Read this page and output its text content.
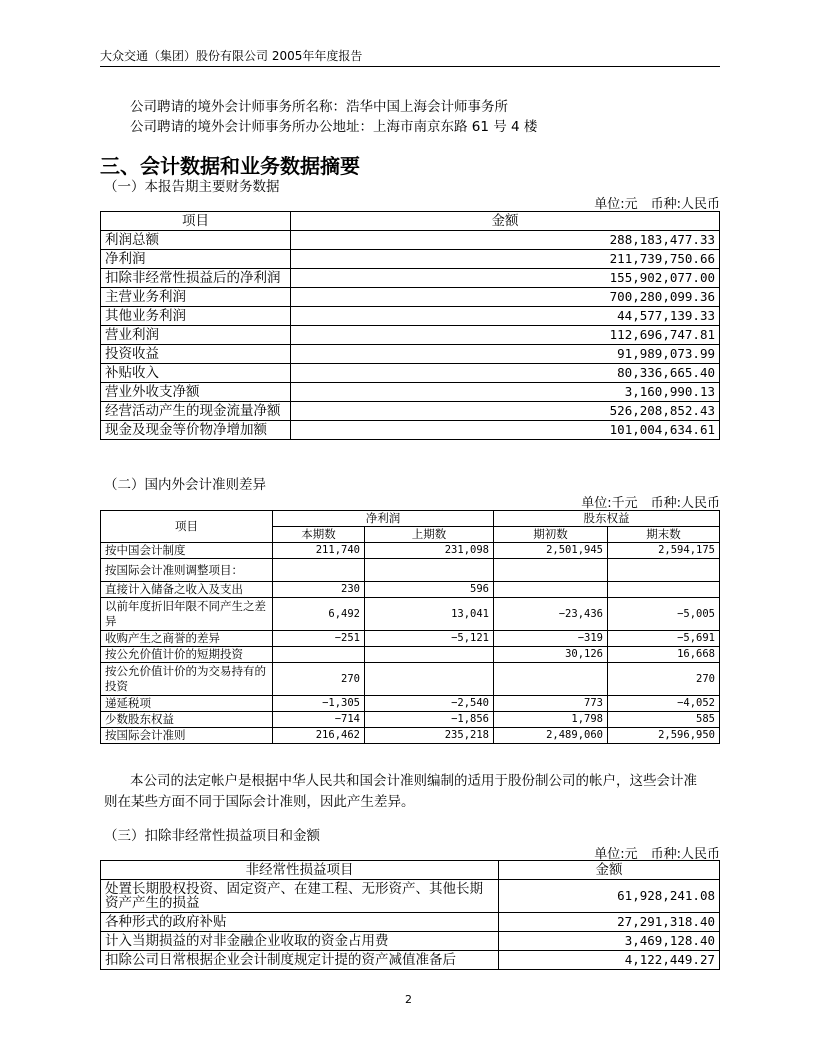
大众交通（集团）股份有限公司 2005年年度报告
公司聘请的境外会计师事务所名称：浩华中国上海会计师事务所
公司聘请的境外会计师事务所办公地址：上海市南京东路 61 号 4 楼
三、会计数据和业务数据摘要
（一）本报告期主要财务数据
单位:元　币种:人民币
项目	金额
利润总额	288,183,477.33
净利润	211,739,750.66
扣除非经常性损益后的净利润	155,902,077.00
主营业务利润	700,280,099.36
其他业务利润	44,577,139.33
营业利润	112,696,747.81
投资收益	91,989,073.99
补贴收入	80,336,665.40
营业外收支净额	3,160,990.13
经营活动产生的现金流量净额	526,208,852.43
现金及现金等价物净增加额	101,004,634.61
（二）国内外会计准则差异
单位:千元　币种:人民币
项目	净利润		股东权益	
	本期数	上期数	期初数	期末数
按中国会计制度	211,740	231,098	2,501,945	2,594,175
按国际会计准则调整项目：				
直接计入储备之收入及支出	230	596		
以前年度折旧年限不同产生之差异	6,492	13,041	−23,436	−5,005
收购产生之商誉的差异	−251	−5,121	−319	−5,691
按公允价值计价的短期投资			30,126	16,668
按公允价值计价的为交易持有的投资	270			270
递延税项	−1,305	−2,540	773	−4,052
少数股东权益	−714	−1,856	1,798	585
按国际会计准则	216,462	235,218	2,489,060	2,596,950
本公司的法定帐户是根据中华人民共和国会计准则编制的适用于股份制公司的帐户，这些会计准
则在某些方面不同于国际会计准则，因此产生差异。
（三）扣除非经常性损益项目和金额
单位:元　币种:人民币
非经常性损益项目	金额
处置长期股权投资、固定资产、在建工程、无形资产、其他长期资产产生的损益	61,928,241.08
各种形式的政府补贴	27,291,318.40
计入当期损益的对非金融企业收取的资金占用费	3,469,128.40
扣除公司日常根据企业会计制度规定计提的资产减值准备后	4,122,449.27
2
